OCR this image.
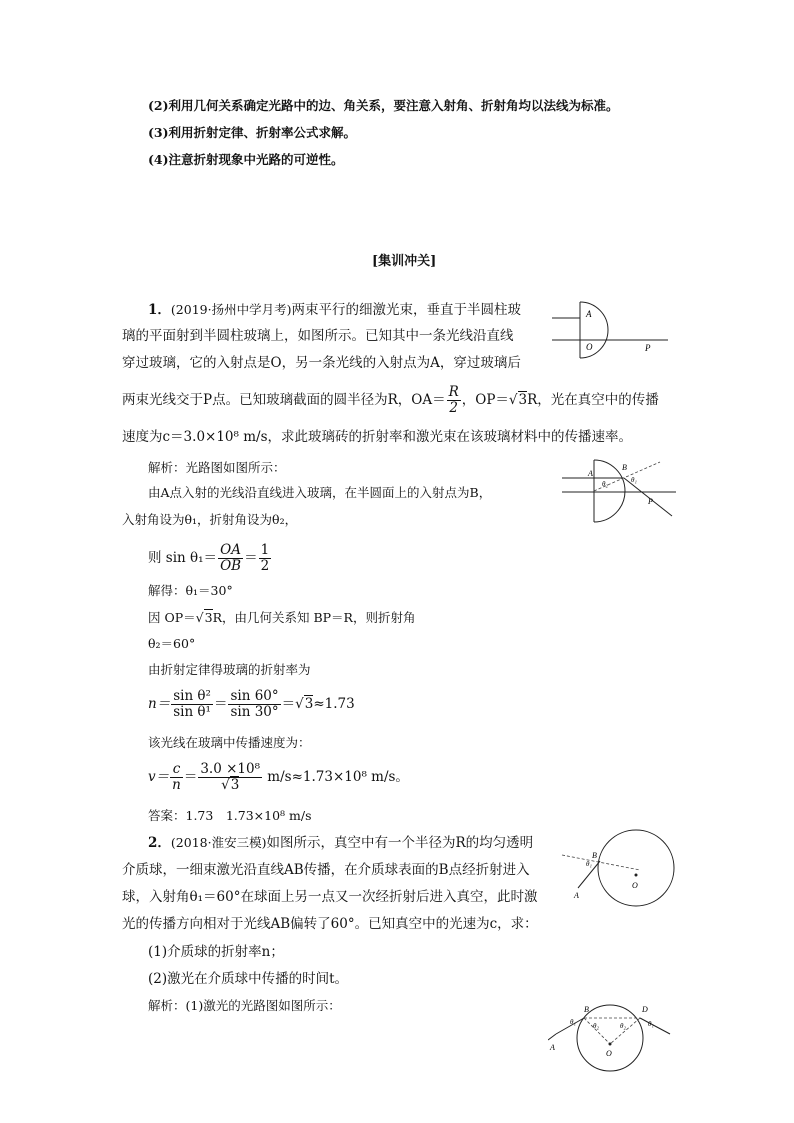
(2)利用几何关系确定光路中的边、角关系，要注意入射角、折射角均以法线为标准。
(3)利用折射定律、折射率公式求解。
(4)注意折射现象中光路的可逆性。
[集训冲关]
1．(2019·扬州中学月考)两束平行的细激光束，垂直于半圆柱玻
璃的平面射到半圆柱玻璃上，如图所示。已知其中一条光线沿直线
穿过玻璃，它的入射点是O，另一条光线的入射点为A，穿过玻璃后
两束光线交于P点。已知玻璃截面的圆半径为R，$OA= \frac{R}{2}$ ，OP＝√3R，光在真空中的传播
速度为c＝3.0×10⁸ m/s，求此玻璃砖的折射率和激光束在该玻璃材料中的传播速率。
A
O	P
解析：光路图如图所示：
由A点入射的光线沿直线进入玻璃，在半圆面上的入射点为B，
入射角设为θ₁，折射角设为θ₂，
A
B
θ₂	θ₁
P
则 $\sin \theta_1= \frac{OA}{OB} = \frac{1}{2}$
解得：θ₁＝30°
因 OP＝√3R，由几何关系知 BP＝R，则折射角
θ₂＝60°
由折射定律得玻璃的折射率为
$n= \frac{\text{sin θ²}}{\text{sin θ¹}} = \frac{\sin 60^\circ}{\sin 30^\circ} =√3\approx 1.73$
该光线在玻璃中传播速度为：
$v= \frac{c}{n} = \frac{\text{3.0 ×10⁸}}{√3} m/s\approx 1.73\times 10^8$ m/s。
答案：1.73　1.73×10⁸ m/s
2．(2018·淮安三模)如图所示，真空中有一个半径为R的均匀透明
介质球，一细束激光沿直线AB传播，在介质球表面的B点经折射进入
球，入射角θ₁＝60°在球面上另一点又一次经折射后进入真空，此时激
光的传播方向相对于光线AB偏转了60°。已知真空中的光速为c，求：
(1)介质球的折射率n；
(2)激光在介质球中传播的时间t。
解析：(1)激光的光路图如图所示：
B
θ₁
A
O
B
θ₁ θ₂	θ₂
D
θ₁
A
O
